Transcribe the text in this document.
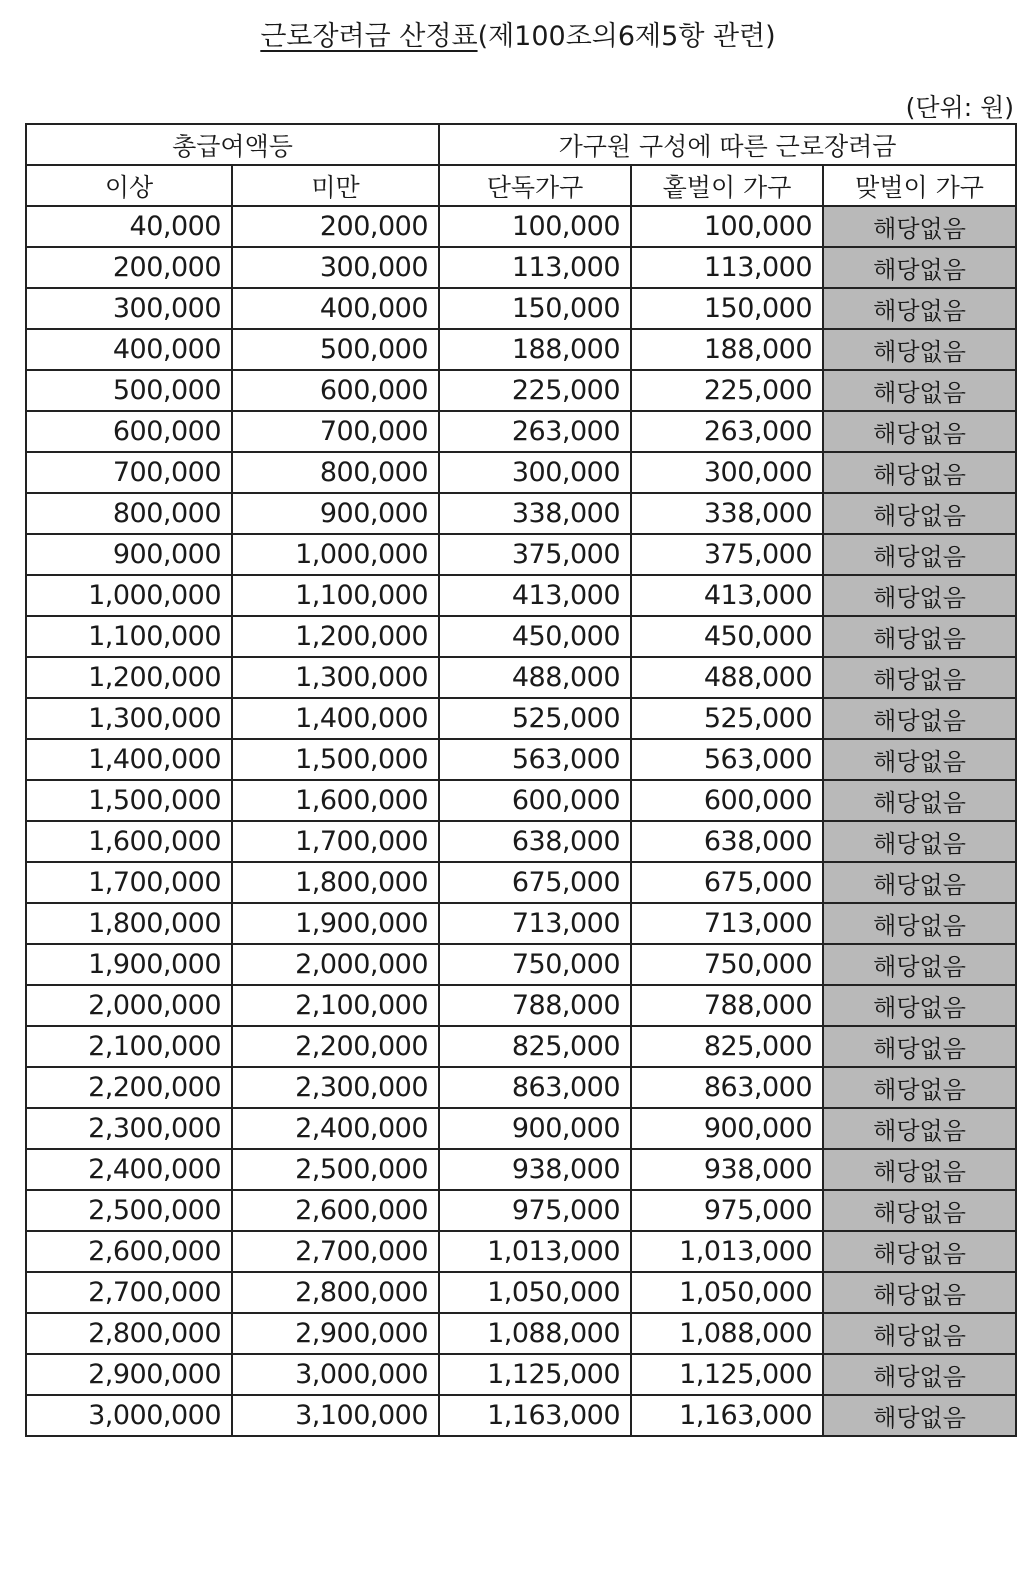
근로장려금 산정표(제100조의6제5항 관련)
(단위: 원)
총급여액등		가구원 구성에 따른 근로장려금		
이상	미만	단독가구	홑벌이 가구	맞벌이 가구
40,000	200,000	100,000	100,000	해당없음
200,000	300,000	113,000	113,000	해당없음
300,000	400,000	150,000	150,000	해당없음
400,000	500,000	188,000	188,000	해당없음
500,000	600,000	225,000	225,000	해당없음
600,000	700,000	263,000	263,000	해당없음
700,000	800,000	300,000	300,000	해당없음
800,000	900,000	338,000	338,000	해당없음
900,000	1,000,000	375,000	375,000	해당없음
1,000,000	1,100,000	413,000	413,000	해당없음
1,100,000	1,200,000	450,000	450,000	해당없음
1,200,000	1,300,000	488,000	488,000	해당없음
1,300,000	1,400,000	525,000	525,000	해당없음
1,400,000	1,500,000	563,000	563,000	해당없음
1,500,000	1,600,000	600,000	600,000	해당없음
1,600,000	1,700,000	638,000	638,000	해당없음
1,700,000	1,800,000	675,000	675,000	해당없음
1,800,000	1,900,000	713,000	713,000	해당없음
1,900,000	2,000,000	750,000	750,000	해당없음
2,000,000	2,100,000	788,000	788,000	해당없음
2,100,000	2,200,000	825,000	825,000	해당없음
2,200,000	2,300,000	863,000	863,000	해당없음
2,300,000	2,400,000	900,000	900,000	해당없음
2,400,000	2,500,000	938,000	938,000	해당없음
2,500,000	2,600,000	975,000	975,000	해당없음
2,600,000	2,700,000	1,013,000	1,013,000	해당없음
2,700,000	2,800,000	1,050,000	1,050,000	해당없음
2,800,000	2,900,000	1,088,000	1,088,000	해당없음
2,900,000	3,000,000	1,125,000	1,125,000	해당없음
3,000,000	3,100,000	1,163,000	1,163,000	해당없음
